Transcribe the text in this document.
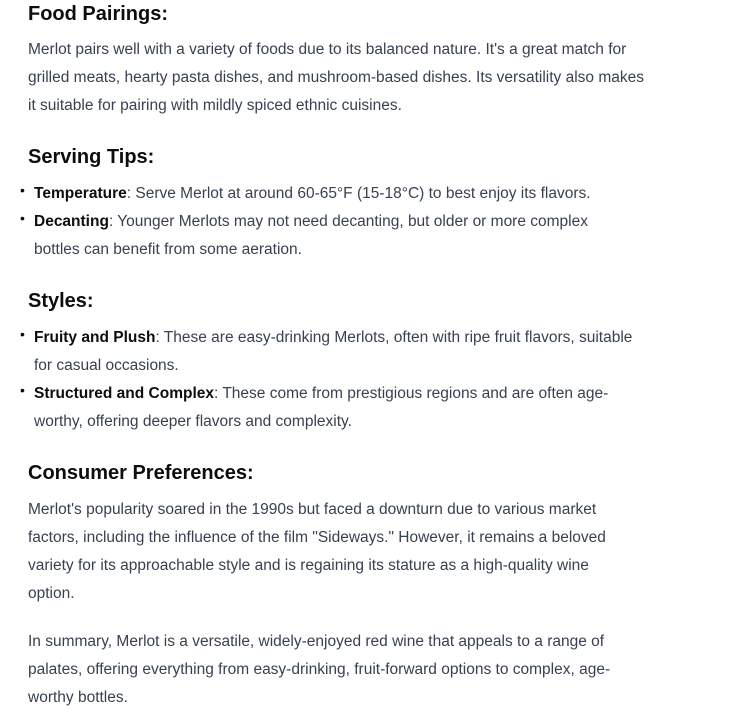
Food Pairings:

Merlot pairs well with a variety of foods due to its balanced nature. It's a great match for grilled meats, hearty pasta dishes, and mushroom-based dishes. Its versatility also makes it suitable for pairing with mildly spiced ethnic cuisines.

Serving Tips:
• Temperature: Serve Merlot at around 60-65°F (15-18°C) to best enjoy its flavors.
• Decanting: Younger Merlots may not need decanting, but older or more complex bottles can benefit from some aeration.
Styles:
• Fruity and Plush: These are easy-drinking Merlots, often with ripe fruit flavors, suitable for casual occasions.
• Structured and Complex: These come from prestigious regions and are often age-worthy, offering deeper flavors and complexity.
Consumer Preferences:

Merlot's popularity soared in the 1990s but faced a downturn due to various market factors, including the influence of the film "Sideways." However, it remains a beloved variety for its approachable style and is regaining its stature as a high-quality wine option.

In summary, Merlot is a versatile, widely-enjoyed red wine that appeals to a range of palates, offering everything from easy-drinking, fruit-forward options to complex, age-worthy bottles.
